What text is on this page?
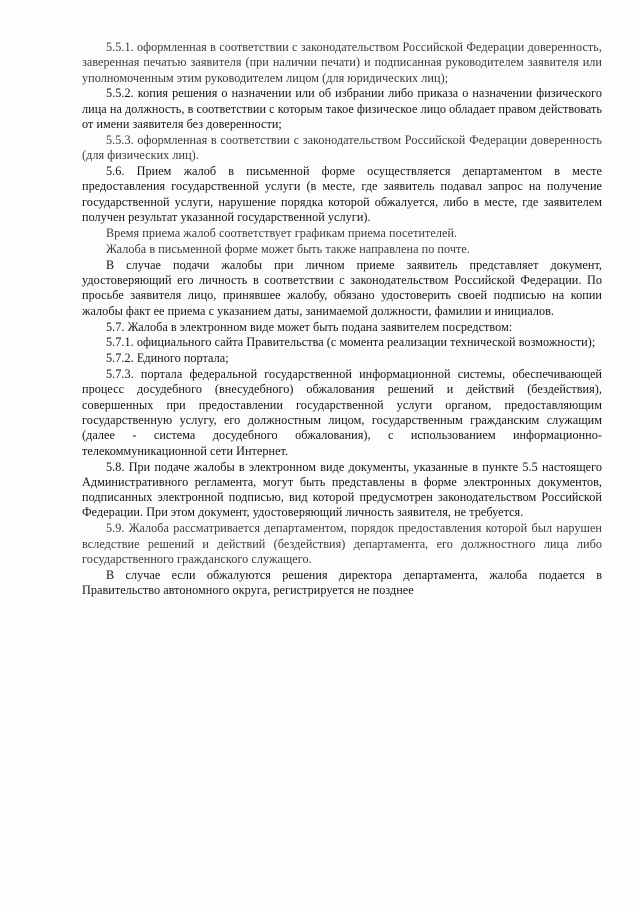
5.5.1. оформленная в соответствии с законодательством Российской Федерации доверенность, заверенная печатью заявителя (при наличии печати) и подписанная руководителем заявителя или уполномоченным этим руководителем лицом (для юридических лиц);

5.5.2. копия решения о назначении или об избрании либо приказа о назначении физического лица на должность, в соответствии с которым такое физическое лицо обладает правом действовать от имени заявителя без доверенности;

5.5.3. оформленная в соответствии с законодательством Российской Федерации доверенность (для физических лиц).

5.6. Прием жалоб в письменной форме осуществляется департаментом в месте предоставления государственной услуги (в месте, где заявитель подавал запрос на получение государственной услуги, нарушение порядка которой обжалуется, либо в месте, где заявителем получен результат указанной государственной услуги).

Время приема жалоб соответствует графикам приема посетителей.

Жалоба в письменной форме может быть также направлена по почте.

В случае подачи жалобы при личном приеме заявитель представляет документ, удостоверяющий его личность в соответствии с законодательством Российской Федерации. По просьбе заявителя лицо, принявшее жалобу, обязано удостоверить своей подписью на копии жалобы факт ее приема с указанием даты, занимаемой должности, фамилии и инициалов.

5.7. Жалоба в электронном виде может быть подана заявителем посредством:

5.7.1. официального сайта Правительства (с момента реализации технической возможности);

5.7.2. Единого портала;

5.7.3. портала федеральной государственной информационной системы, обеспечивающей процесс досудебного (внесудебного) обжалования решений и действий (бездействия), совершенных при предоставлении государственной услуги органом, предоставляющим государственную услугу, его должностным лицом, государственным гражданским служащим (далее - система досудебного обжалования), с использованием информационно-телекоммуникационной сети Интернет.

5.8. При подаче жалобы в электронном виде документы, указанные в пункте 5.5 настоящего Административного регламента, могут быть представлены в форме электронных документов, подписанных электронной подписью, вид которой предусмотрен законодательством Российской Федерации. При этом документ, удостоверяющий личность заявителя, не требуется.

5.9. Жалоба рассматривается департаментом, порядок предоставления которой был нарушен вследствие решений и действий (бездействия) департамента, его должностного лица либо государственного гражданского служащего.

В случае если обжалуются решения директора департамента, жалоба подается в Правительство автономного округа, регистрируется не позднее
